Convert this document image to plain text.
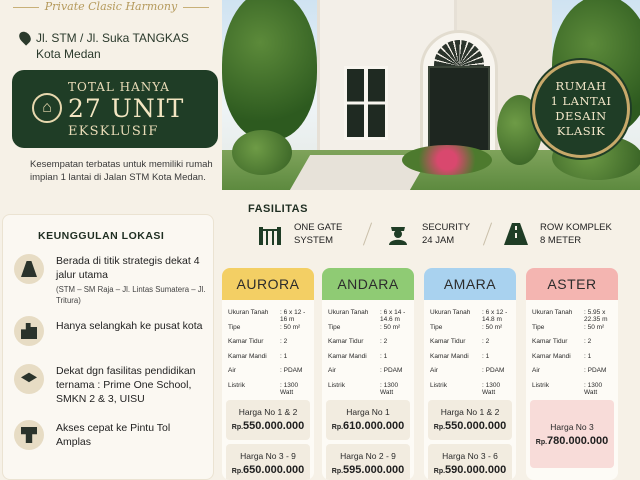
RUMAH
1 LANTAI
DESAIN
KLASIK
Private Clasic Harmony
Jl. STM / Jl. Suka TANGKAS
Kota Medan
⌂
TOTAL HANYA
27 UNIT
EKSKLUSIF
Kesempatan terbatas untuk memiliki rumah impian 1 lantai di Jalan STM Kota Medan.
KEUNGGULAN LOKASI
Berada di titik strategis dekat 4 jalur utama
(STM – SM Raja – Jl. Lintas Sumatera – Jl. Tritura)
Hanya selangkah ke pusat kota
Dekat dgn fasilitas pendidikan ternama : Prime One School, SMKN 2 & 3, UISU
Akses cepat ke Pintu Tol Amplas
FASILITAS
ONE GATE
SYSTEM
SECURITY
24 JAM
ROW KOMPLEK
8 METER
AURORA
Ukuran Tanah : 6 x 12 - 16 m
Tipe	: 50 m²
Kamar Tidur	: 2
Kamar Mandi : 1
Air	: PDAM
Listrik	: 1300 Watt
Harga No 1 & 2
Rp.550.000.000
Harga No 3 - 9
Rp.650.000.000
ANDARA
Ukuran Tanah : 6 x 14 - 14.6 m
Tipe	: 50 m²
Kamar Tidur	: 2
Kamar Mandi : 1
Air	: PDAM
Listrik	: 1300 Watt
Harga No 1
Rp.610.000.000
Harga No 2 - 9
Rp.595.000.000
AMARA
Ukuran Tanah : 6 x 12 - 14.8 m
Tipe	: 50 m²
Kamar Tidur	: 2
Kamar Mandi : 1
Air	: PDAM
Listrik	: 1300 Watt
Harga No 1 & 2
Rp.550.000.000
Harga No 3 - 6
Rp.590.000.000
ASTER
Ukuran Tanah : 5.95 x 22.35 m
Tipe	: 50 m²
Kamar Tidur	: 2
Kamar Mandi : 1
Air	: PDAM
Listrik	: 1300 Watt
Harga No 3
Rp.780.000.000
